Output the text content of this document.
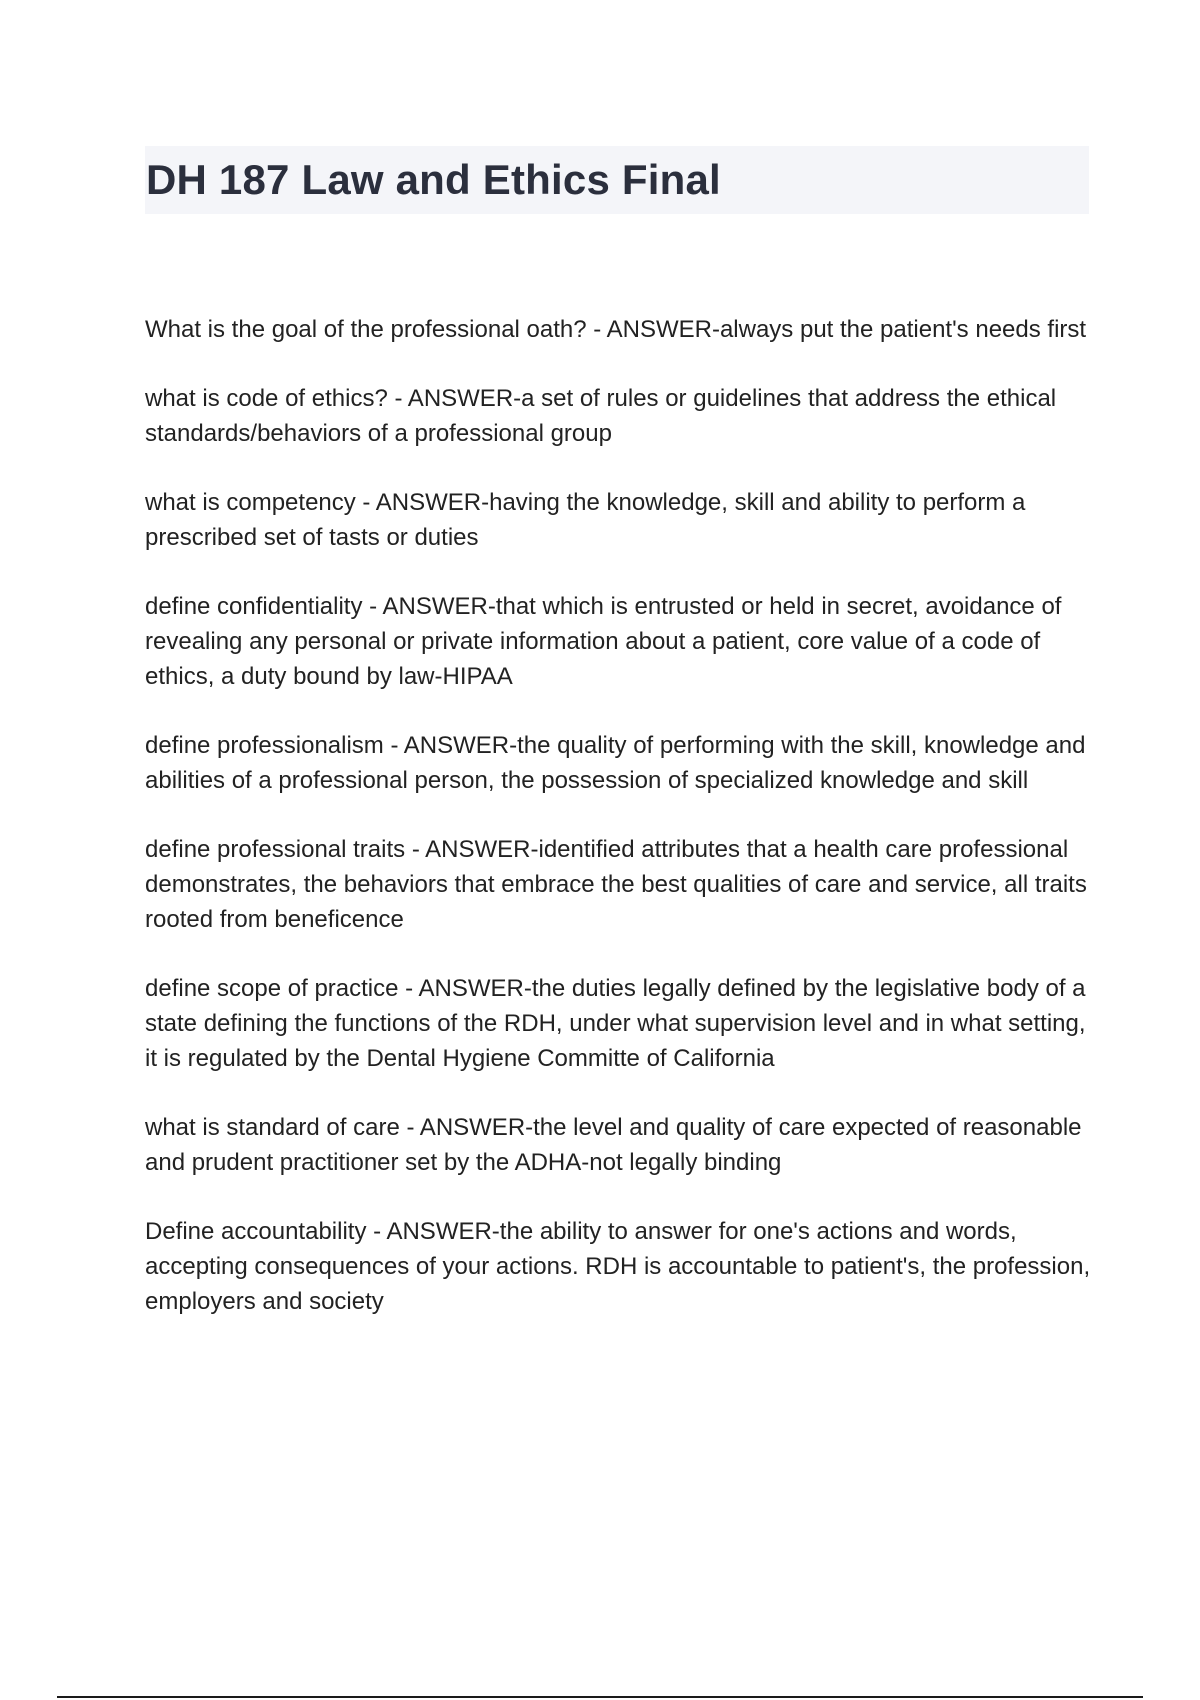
DH 187 Law and Ethics Final
What is the goal of the professional oath? - ANSWER-always put the patient's needs first
what is code of ethics? - ANSWER-a set of rules or guidelines that address the ethical standards/behaviors of a professional group
what is competency - ANSWER-having the knowledge, skill and ability to perform a prescribed set of tasts or duties
define confidentiality - ANSWER-that which is entrusted or held in secret, avoidance of revealing any personal or private information about a patient, core value of a code of ethics, a duty bound by law-HIPAA
define professionalism - ANSWER-the quality of performing with the skill, knowledge and abilities of a professional person, the possession of specialized knowledge and skill
define professional traits - ANSWER-identified attributes that a health care professional demonstrates, the behaviors that embrace the best qualities of care and service, all traits rooted from beneficence
define scope of practice - ANSWER-the duties legally defined by the legislative body of a state defining the functions of the RDH, under what supervision level and in what setting, it is regulated by the Dental Hygiene Committe of California
what is standard of care - ANSWER-the level and quality of care expected of reasonable and prudent practitioner set by the ADHA-not legally binding
Define accountability - ANSWER-the ability to answer for one's actions and words, accepting consequences of your actions. RDH is accountable to patient's, the profession, employers and society
